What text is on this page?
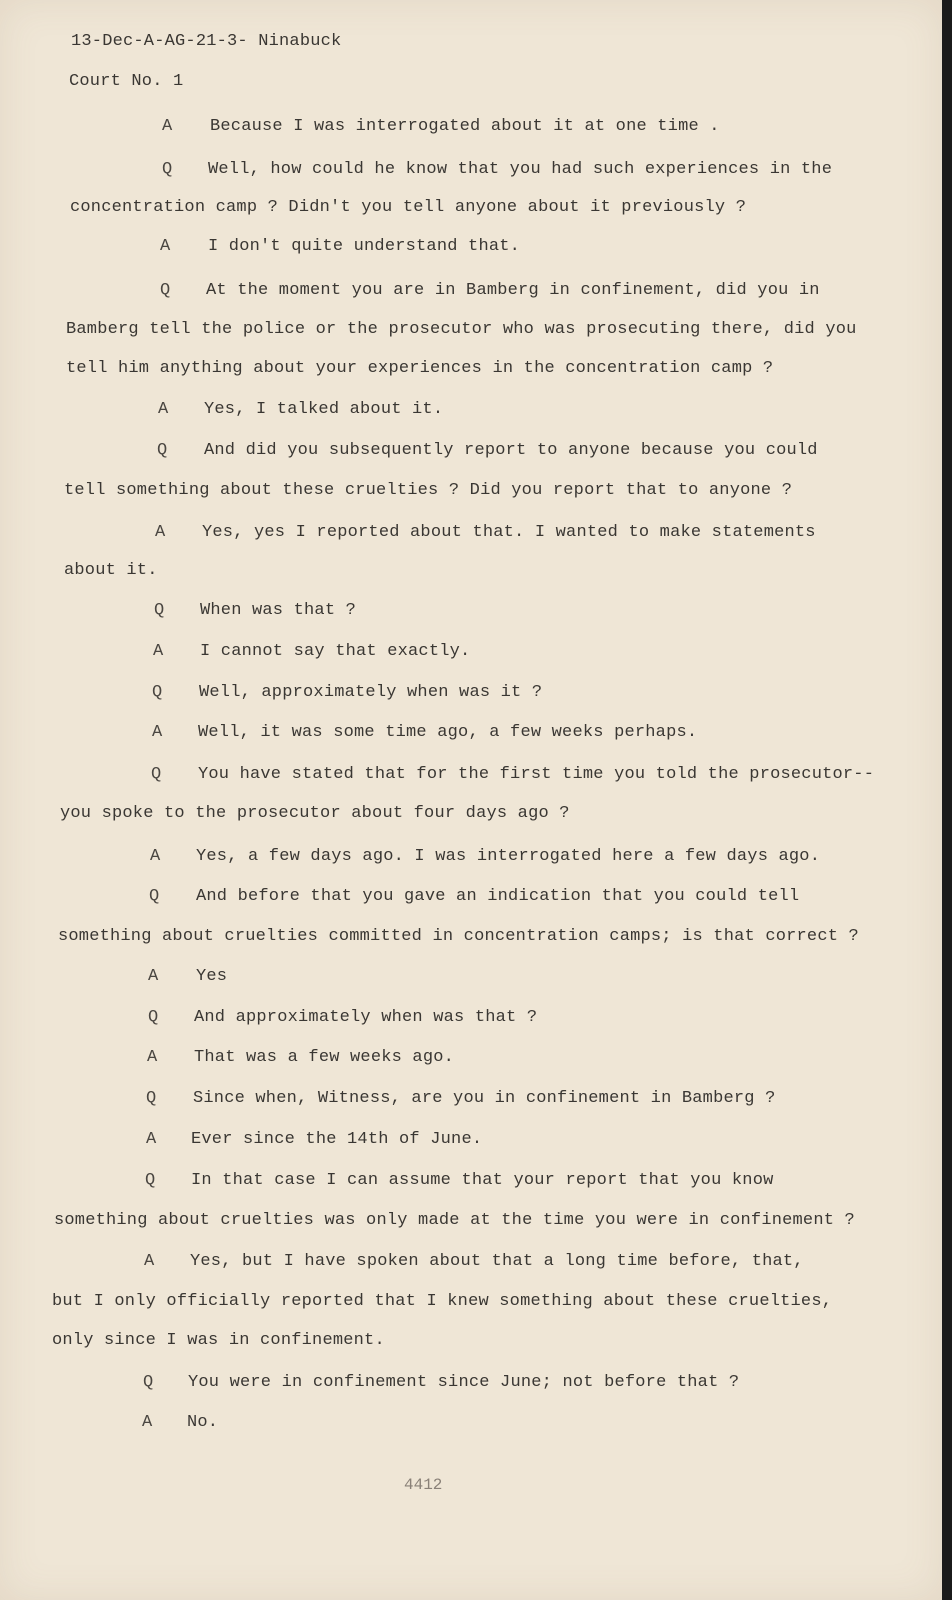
13-Dec-A-AG-21-3- Ninabuck
Court No. 1
A Because I was interrogated about it at one time .
Q Well, how could he know that you had such experiences in the
concentration camp ? Didn't you tell anyone about it previously ?
A I don't quite understand that.
Q At the moment you are in Bamberg in confinement, did you in
Bamberg tell the police or the prosecutor who was prosecuting there, did you
tell him anything about your experiences in the concentration camp ?
A Yes, I talked about it.
Q And did you subsequently report to anyone because you could
tell something about these cruelties ? Did you report that to anyone ?
A Yes, yes I reported about that. I wanted to make statements
about it.
Q When was that ?
A I cannot say that exactly.
Q Well, approximately when was it ?
A Well, it was some time ago, a few weeks perhaps.
Q You have stated that for the first time you told the prosecutor--
you spoke to the prosecutor about four days ago ?
A Yes, a few days ago. I was interrogated here a few days ago.
Q And before that you gave an indication that you could tell
something about cruelties committed in concentration camps; is that correct ?
A Yes
Q And approximately when was that ?
A That was a few weeks ago.
Q Since when, Witness, are you in confinement in Bamberg ?
A Ever since the 14th of June.
Q In that case I can assume that your report that you know
something about cruelties was only made at the time you were in confinement ?
A Yes, but I have spoken about that a long time before, that,
but I only officially reported that I knew something about these cruelties,
only since I was in confinement.
Q You were in confinement since June; not before that ?
A No.
4412
